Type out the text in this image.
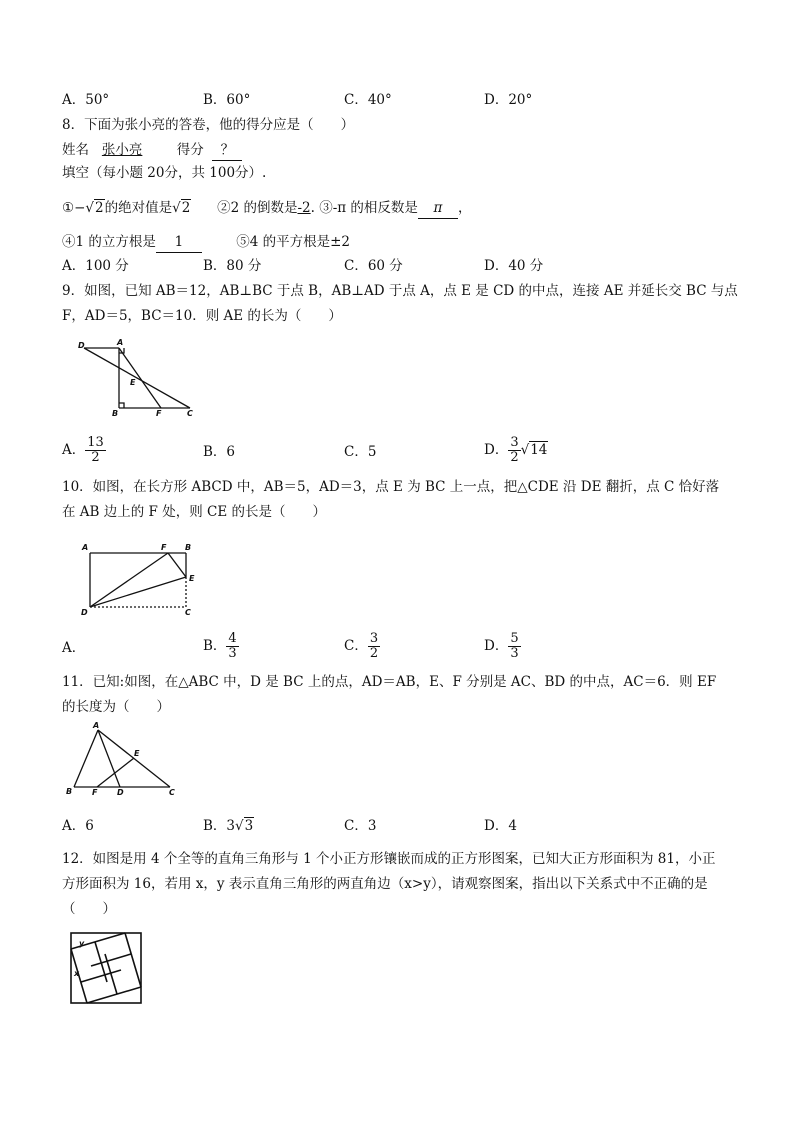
A．50°	B．60°	C．40°	D．20°
8．下面为张小亮的答卷，他的得分应是（　　）
姓名 张小亮	得分 ？
填空（每小题 20分，共 100分）.
①−√2的绝对值是√2 ②2 的倒数是-2. ③-π 的相反数是 π ，
④1 的立方根是 1	⑤4 的平方根是±2
A．100 分	B．80 分	C．60 分	D．40 分
9．如图，已知 AB＝12，AB⊥BC 于点 B，AB⊥AD 于点 A，点 E 是 CD 的中点，连接 AE 并延长交 BC 与点
F，AD＝5，BC＝10．则 AE 的长为（　　）
D	A
E
B	F	C
A． $\frac{13}{2}$	B．6	C．5	D． $\frac{3}{2} √14$
10．如图，在长方形 ABCD 中，AB＝5，AD＝3，点 E 为 BC 上一点，把△CDE 沿 DE 翻折，点 C 恰好落
在 AB 边上的 F 处，则 CE 的长是（　　）
A	F B
E
D	C
A．	B． $\frac{4}{3}$	C． $\frac{3}{2}$	D． $\frac{5}{3}$
11．已知:如图，在△ABC 中，D 是 BC 上的点，AD＝AB，E、F 分别是 AC、BD 的中点，AC＝6．则 EF
的长度为（　　）
A
E
B F D	C
A．6	B．3√3	C．3	D．4
12．如图是用 4 个全等的直角三角形与 1 个小正方形镶嵌而成的正方形图案，已知大正方形面积为 81，小正
方形面积为 16，若用 x，y 表示直角三角形的两直角边（x>y），请观察图案，指出以下关系式中不正确的是
（　　）
y
x
